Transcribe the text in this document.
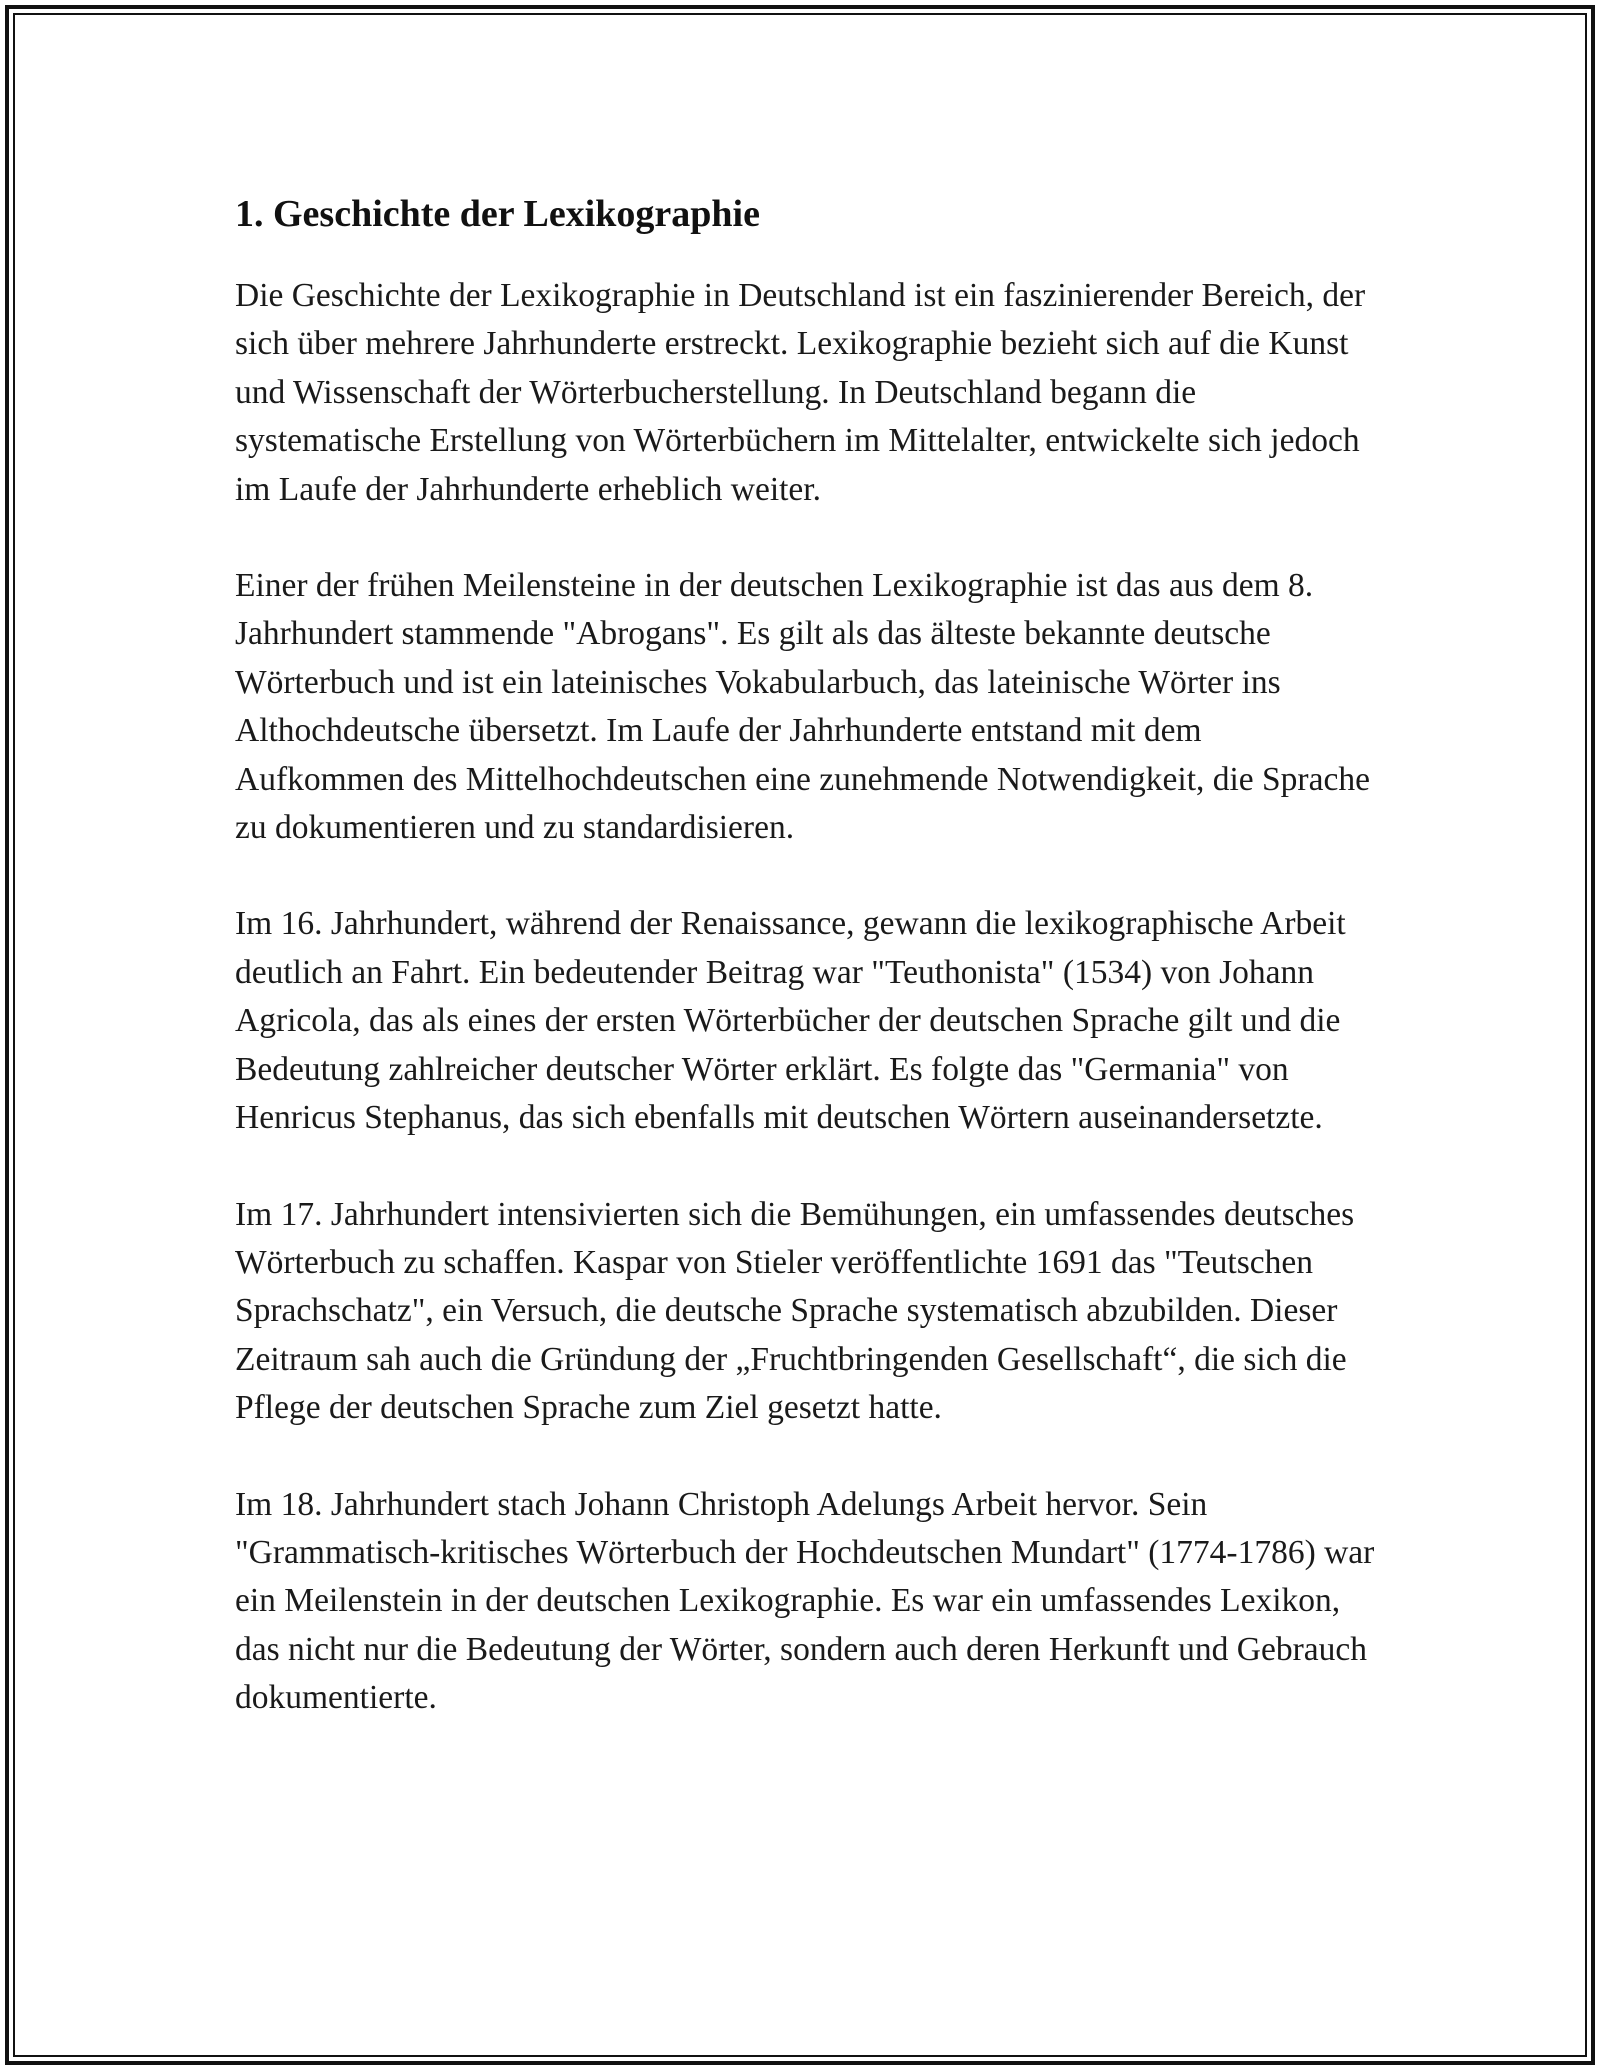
1. Geschichte der Lexikographie

Die Geschichte der Lexikographie in Deutschland ist ein faszinierender Bereich, der sich über mehrere Jahrhunderte erstreckt. Lexikographie bezieht sich auf die Kunst und Wissenschaft der Wörterbucherstellung. In Deutschland begann die systematische Erstellung von Wörterbüchern im Mittelalter, entwickelte sich jedoch im Laufe der Jahrhunderte erheblich weiter.

Einer der frühen Meilensteine in der deutschen Lexikographie ist das aus dem 8. Jahrhundert stammende "Abrogans". Es gilt als das älteste bekannte deutsche Wörterbuch und ist ein lateinisches Vokabularbuch, das lateinische Wörter ins Althochdeutsche übersetzt. Im Laufe der Jahrhunderte entstand mit dem Aufkommen des Mittelhochdeutschen eine zunehmende Notwendigkeit, die Sprache zu dokumentieren und zu standardisieren.

Im 16. Jahrhundert, während der Renaissance, gewann die lexikographische Arbeit deutlich an Fahrt. Ein bedeutender Beitrag war "Teuthonista" (1534) von Johann Agricola, das als eines der ersten Wörterbücher der deutschen Sprache gilt und die Bedeutung zahlreicher deutscher Wörter erklärt. Es folgte das "Germania" von Henricus Stephanus, das sich ebenfalls mit deutschen Wörtern auseinandersetzte.

Im 17. Jahrhundert intensivierten sich die Bemühungen, ein umfassendes deutsches Wörterbuch zu schaffen. Kaspar von Stieler veröffentlichte 1691 das "Teutschen Sprachschatz", ein Versuch, die deutsche Sprache systematisch abzubilden. Dieser Zeitraum sah auch die Gründung der „Fruchtbringenden Gesellschaft“, die sich die Pflege der deutschen Sprache zum Ziel gesetzt hatte.

Im 18. Jahrhundert stach Johann Christoph Adelungs Arbeit hervor. Sein "Grammatisch-kritisches Wörterbuch der Hochdeutschen Mundart" (1774-1786) war ein Meilenstein in der deutschen Lexikographie. Es war ein umfassendes Lexikon, das nicht nur die Bedeutung der Wörter, sondern auch deren Herkunft und Gebrauch dokumentierte.
